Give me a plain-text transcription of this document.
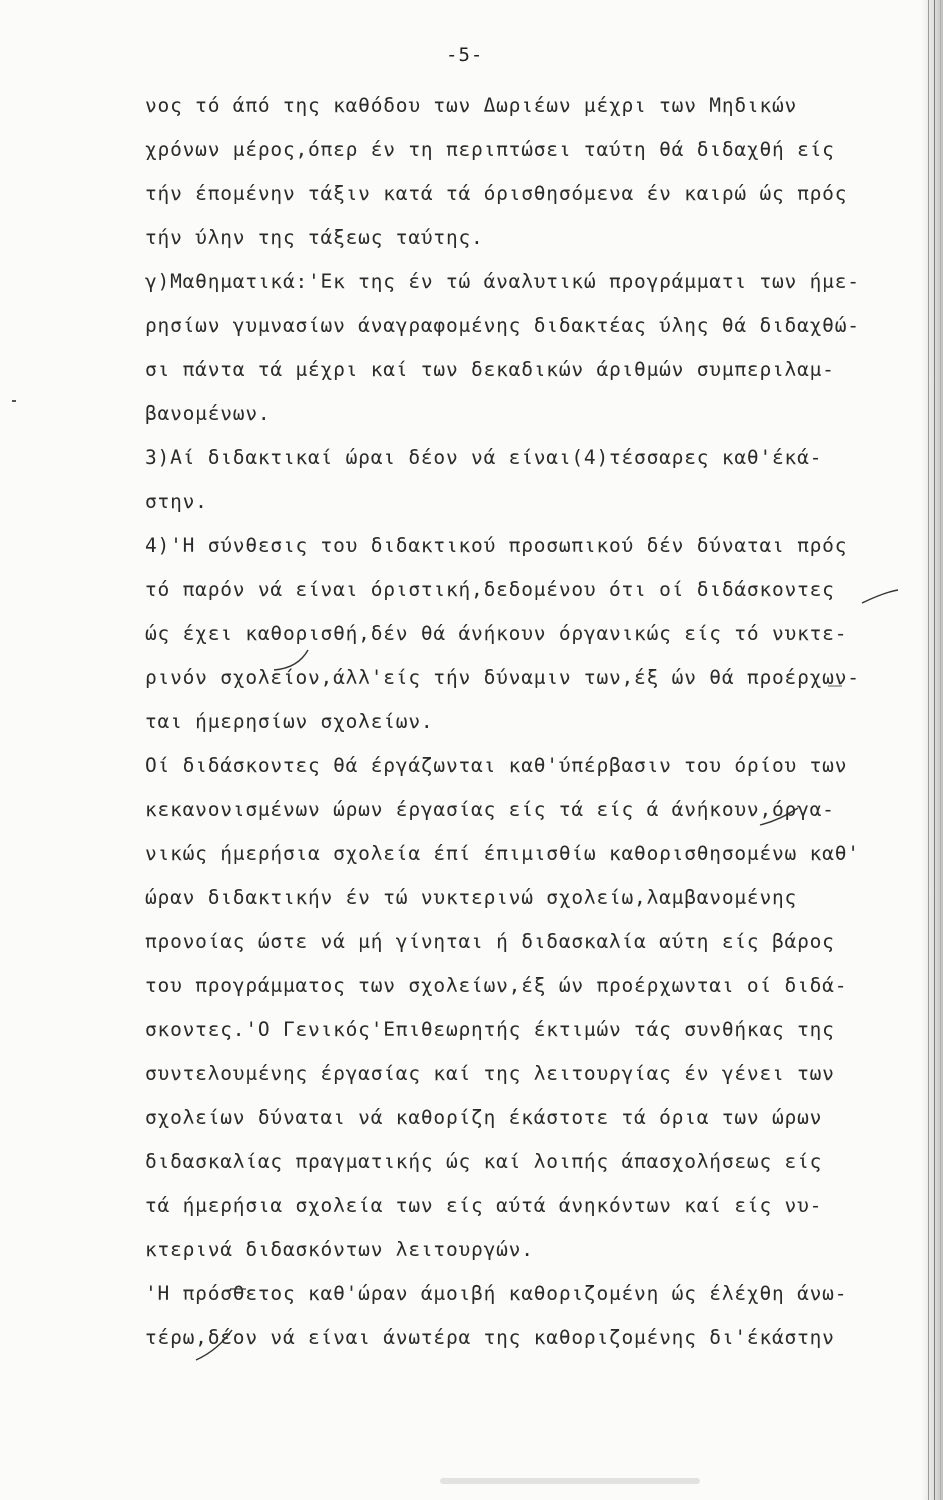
-5-
νος τό άπό της καθόδου των Δωριέων μέχρι των Μηδικών
χρόνων μέρος,όπερ έν τη περιπτώσει ταύτη θά διδαχθή είς
τήν έπομένην τάξιν κατά τά όρισθησόμενα έν καιρώ ώς πρός
τήν ύλην της τάξεως ταύτης.
γ)Μαθηματικά:'Εκ της έν τώ άναλυτικώ προγράμματι των ήμε-
ρησίων γυμνασίων άναγραφομένης διδακτέας ύλης θά διδαχθώ-
σι πάντα τά μέχρι καί των δεκαδικών άριθμών συμπεριλαμ-
βανομένων.
3)Αί διδακτικαί ώραι δέον νά είναι(4)τέσσαρες καθ'έκά-
στην.
4)'Η σύνθεσις του διδακτικού προσωπικού δέν δύναται πρός
τό παρόν νά είναι όριστική,δεδομένου ότι οί διδάσκοντες
ώς έχει καθορισθή,δέν θά άνήκουν όργανικώς είς τό νυκτε-
ρινόν σχολείον,άλλ'είς τήν δύναμιν των,έξ ών θά προέρχων-
ται ήμερησίων σχολείων.
Οί διδάσκοντες θά έργάζωνται καθ'ύπέρβασιν του όρίου των
κεκανονισμένων ώρων έργασίας είς τά είς ά άνήκουν,όργα-
νικώς ήμερήσια σχολεία έπί έπιμισθίω καθορισθησομένω καθ'
ώραν διδακτικήν έν τώ νυκτερινώ σχολείω,λαμβανομένης
προνοίας ώστε νά μή γίνηται ή διδασκαλία αύτη είς βάρος
του προγράμματος των σχολείων,έξ ών προέρχωνται οί διδά-
σκοντες.'Ο Γενικός'Επιθεωρητής έκτιμών τάς συνθήκας της
συντελουμένης έργασίας καί της λειτουργίας έν γένει των
σχολείων δύναται νά καθορίζη έκάστοτε τά όρια των ώρων
διδασκαλίας πραγματικής ώς καί λοιπής άπασχολήσεως είς
τά ήμερήσια σχολεία των είς αύτά άνηκόντων καί είς νυ-
κτερινά διδασκόντων λειτουργών.
'Η πρόσθετος καθ'ώραν άμοιβή καθοριζομένη ώς έλέχθη άνω-
τέρω,δέον νά είναι άνωτέρα της καθοριζομένης δι'έκάστην
